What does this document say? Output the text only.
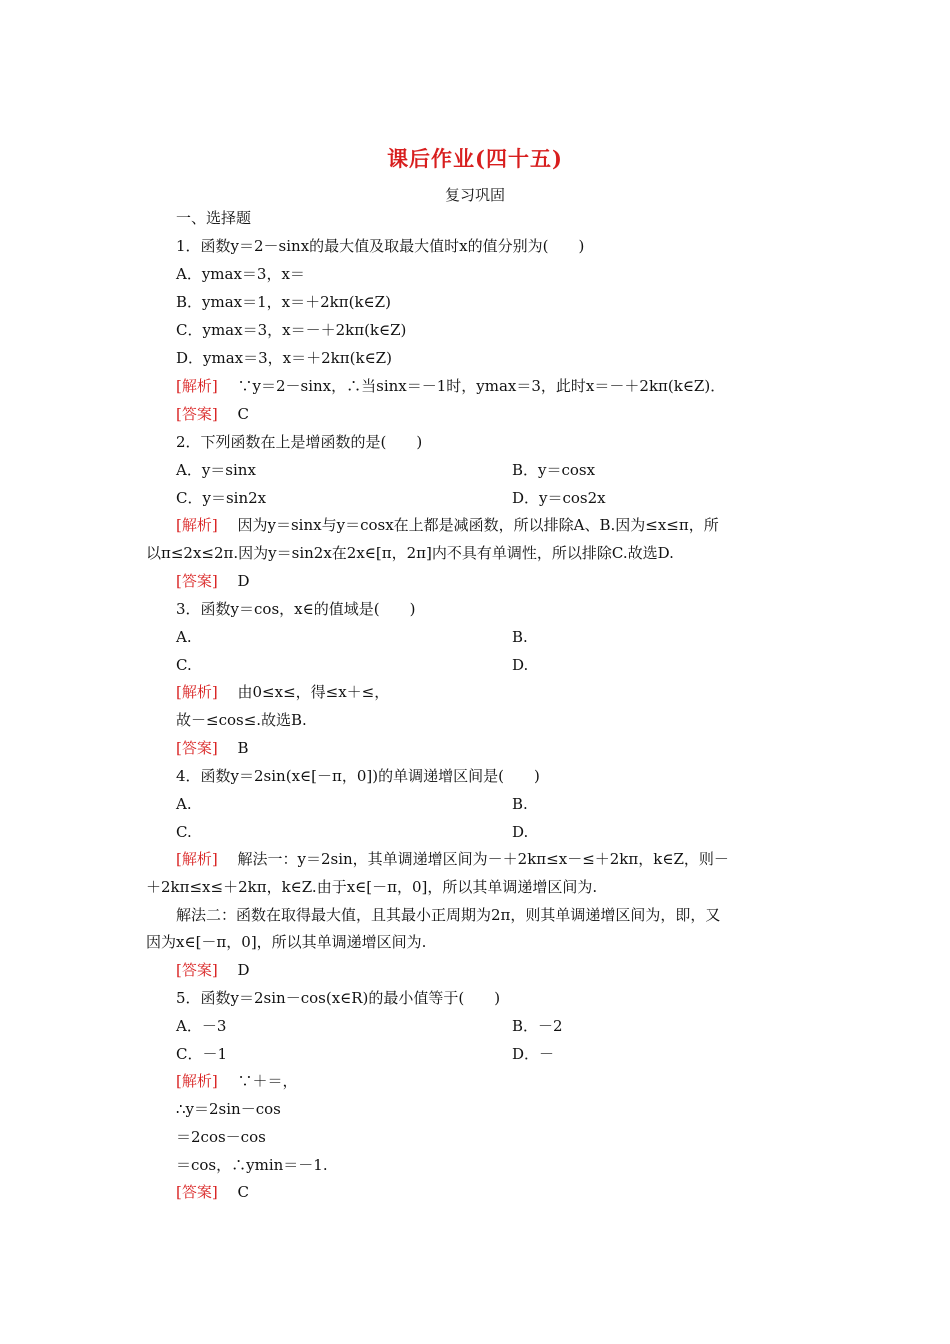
课后作业(四十五)
复习巩固
一、选择题
1．函数y＝2－sinx的最大值及取最大值时x的值分别为(　　)
A．ymax＝3，x＝
B．ymax＝1，x＝＋2kπ(k∈Z)
C．ymax＝3，x＝－＋2kπ(k∈Z)
D．ymax＝3，x＝＋2kπ(k∈Z)
[解析]　 ∵y＝2－sinx，∴当sinx＝－1时，ymax＝3，此时x＝－＋2kπ(k∈Z)．
[答案]　 C
2．下列函数在上是增函数的是(　　)
A．y＝sinx	B．y＝cosx
C．y＝sin2x	D．y＝cos2x
[解析]　 因为y＝sinx与y＝cosx在上都是减函数，所以排除A、B.因为≤x≤π，所
以π≤2x≤2π.因为y＝sin2x在2x∈[π，2π]内不具有单调性，所以排除C.故选D.
[答案]　 D
3．函数y＝cos，x∈的值域是(　　)
A.	B.
C.	D.
[解析]　 由0≤x≤，得≤x＋≤，
故－≤cos≤.故选B.
[答案]　 B
4．函数y＝2sin(x∈[－π，0])的单调递增区间是(　　)
A.	B.
C.	D.
[解析]　 解法一：y＝2sin，其单调递增区间为－＋2kπ≤x－≤＋2kπ，k∈Z，则－
＋2kπ≤x≤＋2kπ，k∈Z.由于x∈[－π，0]，所以其单调递增区间为.
解法二：函数在取得最大值，且其最小正周期为2π，则其单调递增区间为，即，又
因为x∈[－π，0]，所以其单调递增区间为.
[答案]　 D
5．函数y＝2sin－cos(x∈R)的最小值等于(　　)
A．－3	B．－2
C．－1	D．－
[解析]　 ∵＋＝，
∴y＝2sin－cos
＝2cos－cos
＝cos，∴ymin＝－1.
[答案]　 C
